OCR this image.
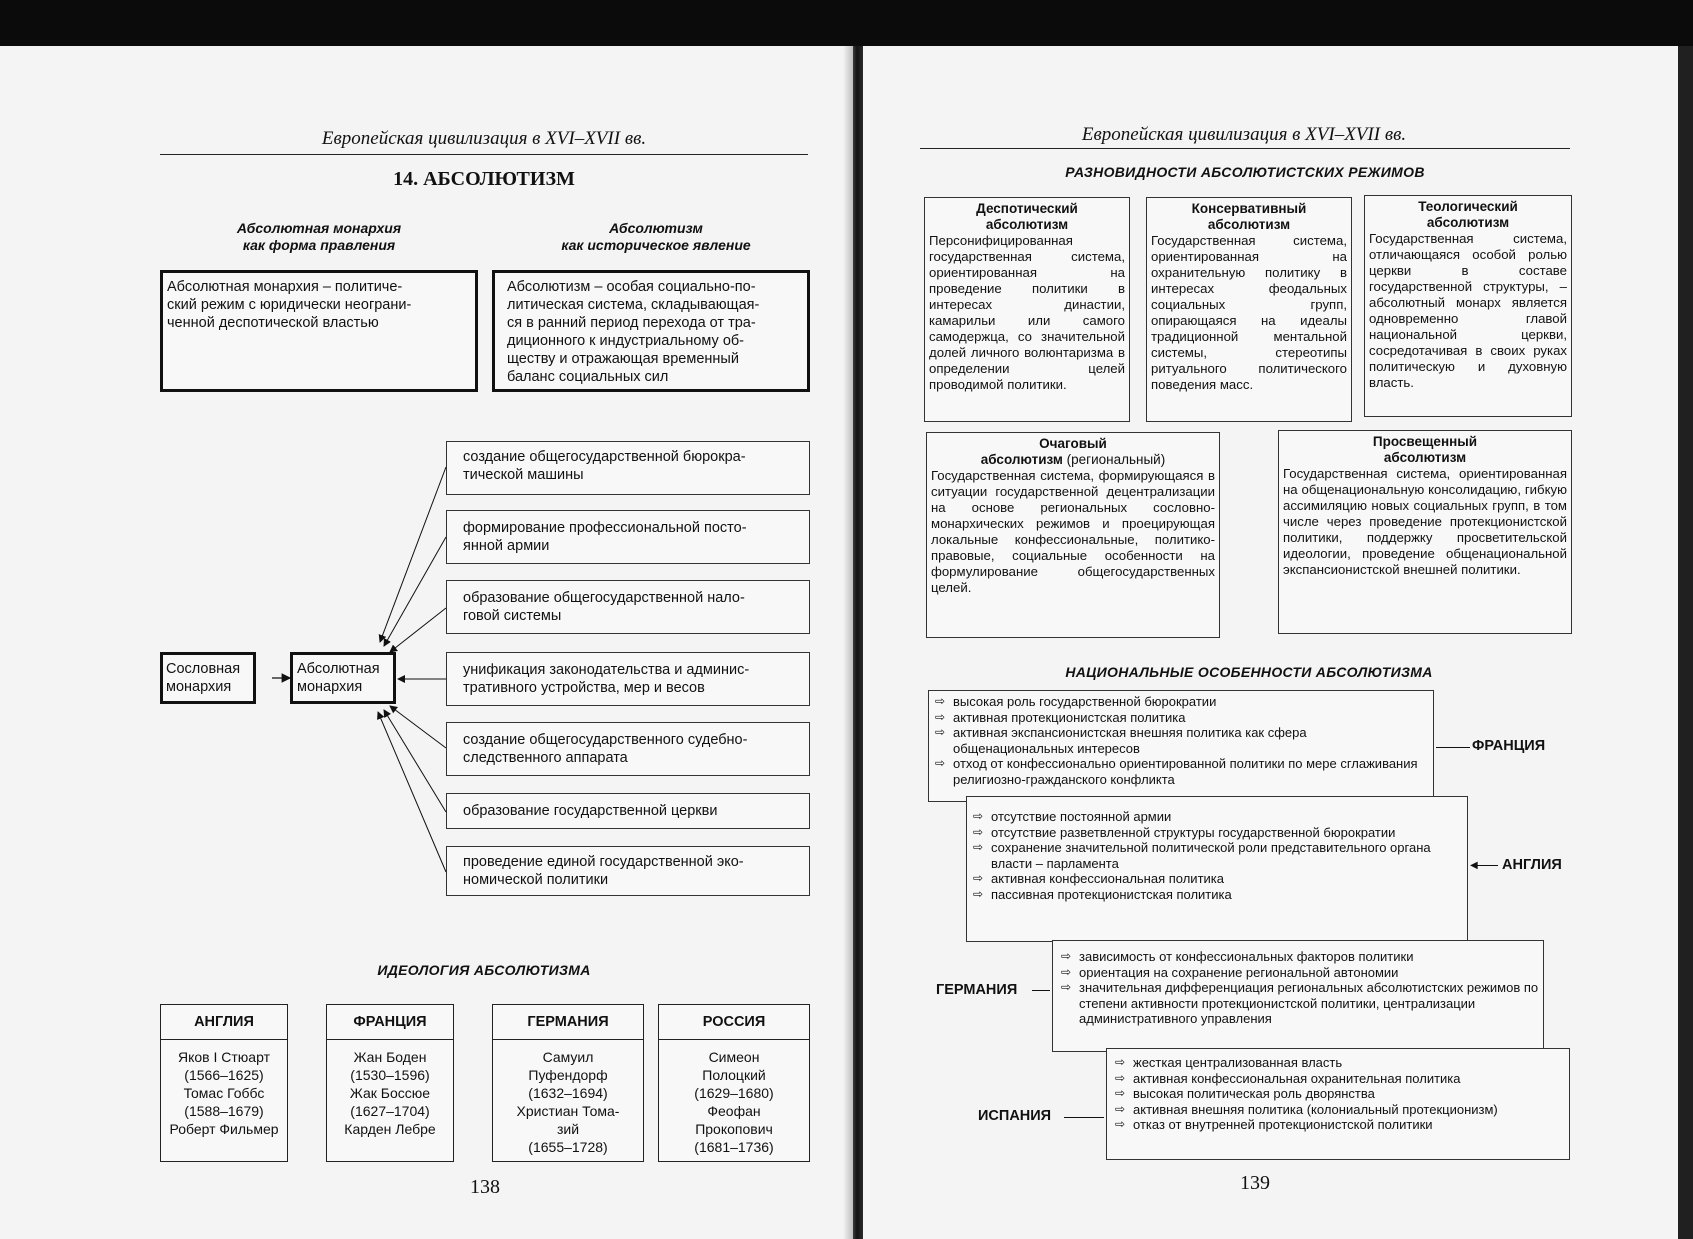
Европейская цивилизация в XVI–XVII вв.
14. АБСОЛЮТИЗМ
Абсолютная монархия
как форма правления
Абсолютизм
как историческое явление
Абсолютная монархия – политиче-
ский режим с юридически неограни-
ченной деспотической властью
Абсолютизм – особая социально-по-
литическая система, складывающая-
ся в ранний период перехода от тра-
диционного к индустриальному об-
ществу и отражающая временный
баланс социальных сил
Сословная
монархия
Абсолютная
монархия
создание общегосударственной бюрокра-
тической машины
формирование профессиональной посто-
янной армии
образование общегосударственной нало-
говой системы
унификация законодательства и админис-
тративного устройства, мер и весов
создание общегосударственного судебно-
следственного аппарата
образование государственной церкви
проведение единой государственной эко-
номической политики
ИДЕОЛОГИЯ АБСОЛЮТИЗМА
АНГЛИЯ
Яков I Стюарт
(1566–1625)
Томас Гоббс
(1588–1679)
Роберт Фильмер
ФРАНЦИЯ
Жан Боден
(1530–1596)
Жак Боссюе
(1627–1704)
Карден Лебре
ГЕРМАНИЯ
Самуил
Пуфендорф
(1632–1694)
Христиан Тома-
зий
(1655–1728)
РОССИЯ
Симеон
Полоцкий
(1629–1680)
Феофан
Прокопович
(1681–1736)
138
Европейская цивилизация в XVI–XVII вв.
РАЗНОВИДНОСТИ АБСОЛЮТИСТСКИХ РЕЖИМОВ
Деспотический
абсолютизм
Персонифицированная государственная система, ориентированная на проведение политики в интересах династии, камарильи или самого самодержца, со значительной долей личного волюнтаризма в определении целей проводимой политики.
Консервативный
абсолютизм
Государственная система, ориентированная на охранительную политику в интересах феодальных социальных групп, опирающаяся на идеалы традиционной ментальной системы, стереотипы ритуального политического поведения масс.
Теологический
абсолютизм
Государственная система, отличающаяся особой ролью церкви в составе государственной структуры, – абсолютный монарх является одновременно главой национальной церкви, сосредотачивая в своих руках политическую и духовную власть.
Очаговый
абсолютизм (региональный)
Государственная система, формирующаяся в ситуации государственной децентрализации на основе региональных сословно-монархических режимов и проецирующая локальные конфессиональные, политико-правовые, социальные особенности на формулирование общегосударственных целей.
Просвещенный
абсолютизм
Государственная система, ориентированная на общенациональную консолидацию, гибкую ассимиляцию новых социальных групп, в том числе через проведение протекционистской политики, поддержку просветительской идеологии, проведение общенациональной экспансионистской внешней политики.
НАЦИОНАЛЬНЫЕ ОСОБЕННОСТИ АБСОЛЮТИЗМА
⇨ высокая роль государственной бюрократии
⇨ активная протекционистская политика
⇨ активная экспансионистская внешняя политика как сфера общенациональных интересов
⇨ отход от конфессионально ориентированной политики по мере сглаживания религиозно-гражданского конфликта
ФРАНЦИЯ
⇨ отсутствие постоянной армии
⇨ отсутствие разветвленной структуры государственной бюрократии
⇨ сохранение значительной политической роли представительного органа власти – парламента
⇨ активная конфессиональная политика
⇨ пассивная протекционистская политика
◀ АНГЛИЯ
⇨ зависимость от конфессиональных факторов политики
⇨ ориентация на сохранение региональной автономии
⇨ значительная дифференциация региональных абсолютистских режимов по степени активности протекционистской политики, централизации административного управления
ГЕРМАНИЯ
⇨ жесткая централизованная власть
⇨ активная конфессиональная охранительная политика
⇨ высокая политическая роль дворянства
⇨ активная внешняя политика (колониальный протекционизм)
⇨ отказ от внутренней протекционистской политики
ИСПАНИЯ
139
